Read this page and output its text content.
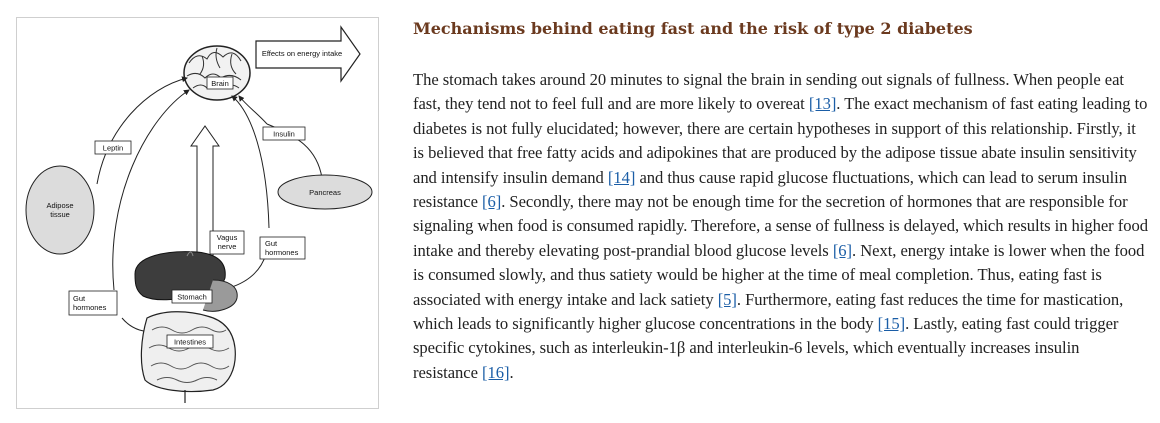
Brain
Effects on energy intake
Leptin
Insulin
Pancreas
Adipose
tissue
Vagus
nerve	Gut
hormones
Gut
hormones
Stomach
Intestines
Mechanisms behind eating fast and the risk of type 2 diabetes

The stomach takes around 20 minutes to signal the brain in sending out signals of fullness. When people eat fast, they tend not to feel full and are more likely to overeat [13]. The exact mechanism of fast eating leading to diabetes is not fully elucidated; however, there are certain hypotheses in support of this relationship. Firstly, it is believed that free fatty acids and adipokines that are produced by the adipose tissue abate insulin sensitivity and intensify insulin demand [14] and thus cause rapid glucose fluctuations, which can lead to serum insulin resistance [6]. Secondly, there may not be enough time for the secretion of hormones that are responsible for signaling when food is consumed rapidly. Therefore, a sense of fullness is delayed, which results in higher food intake and thereby elevating post-prandial blood glucose levels [6]. Next, energy intake is lower when the food is consumed slowly, and thus satiety would be higher at the time of meal completion. Thus, eating fast is associated with energy intake and lack satiety [5]. Furthermore, eating fast reduces the time for mastication, which leads to significantly higher glucose concentrations in the body [15]. Lastly, eating fast could trigger specific cytokines, such as interleukin-1β and interleukin-6 levels, which eventually increases insulin resistance [16].
